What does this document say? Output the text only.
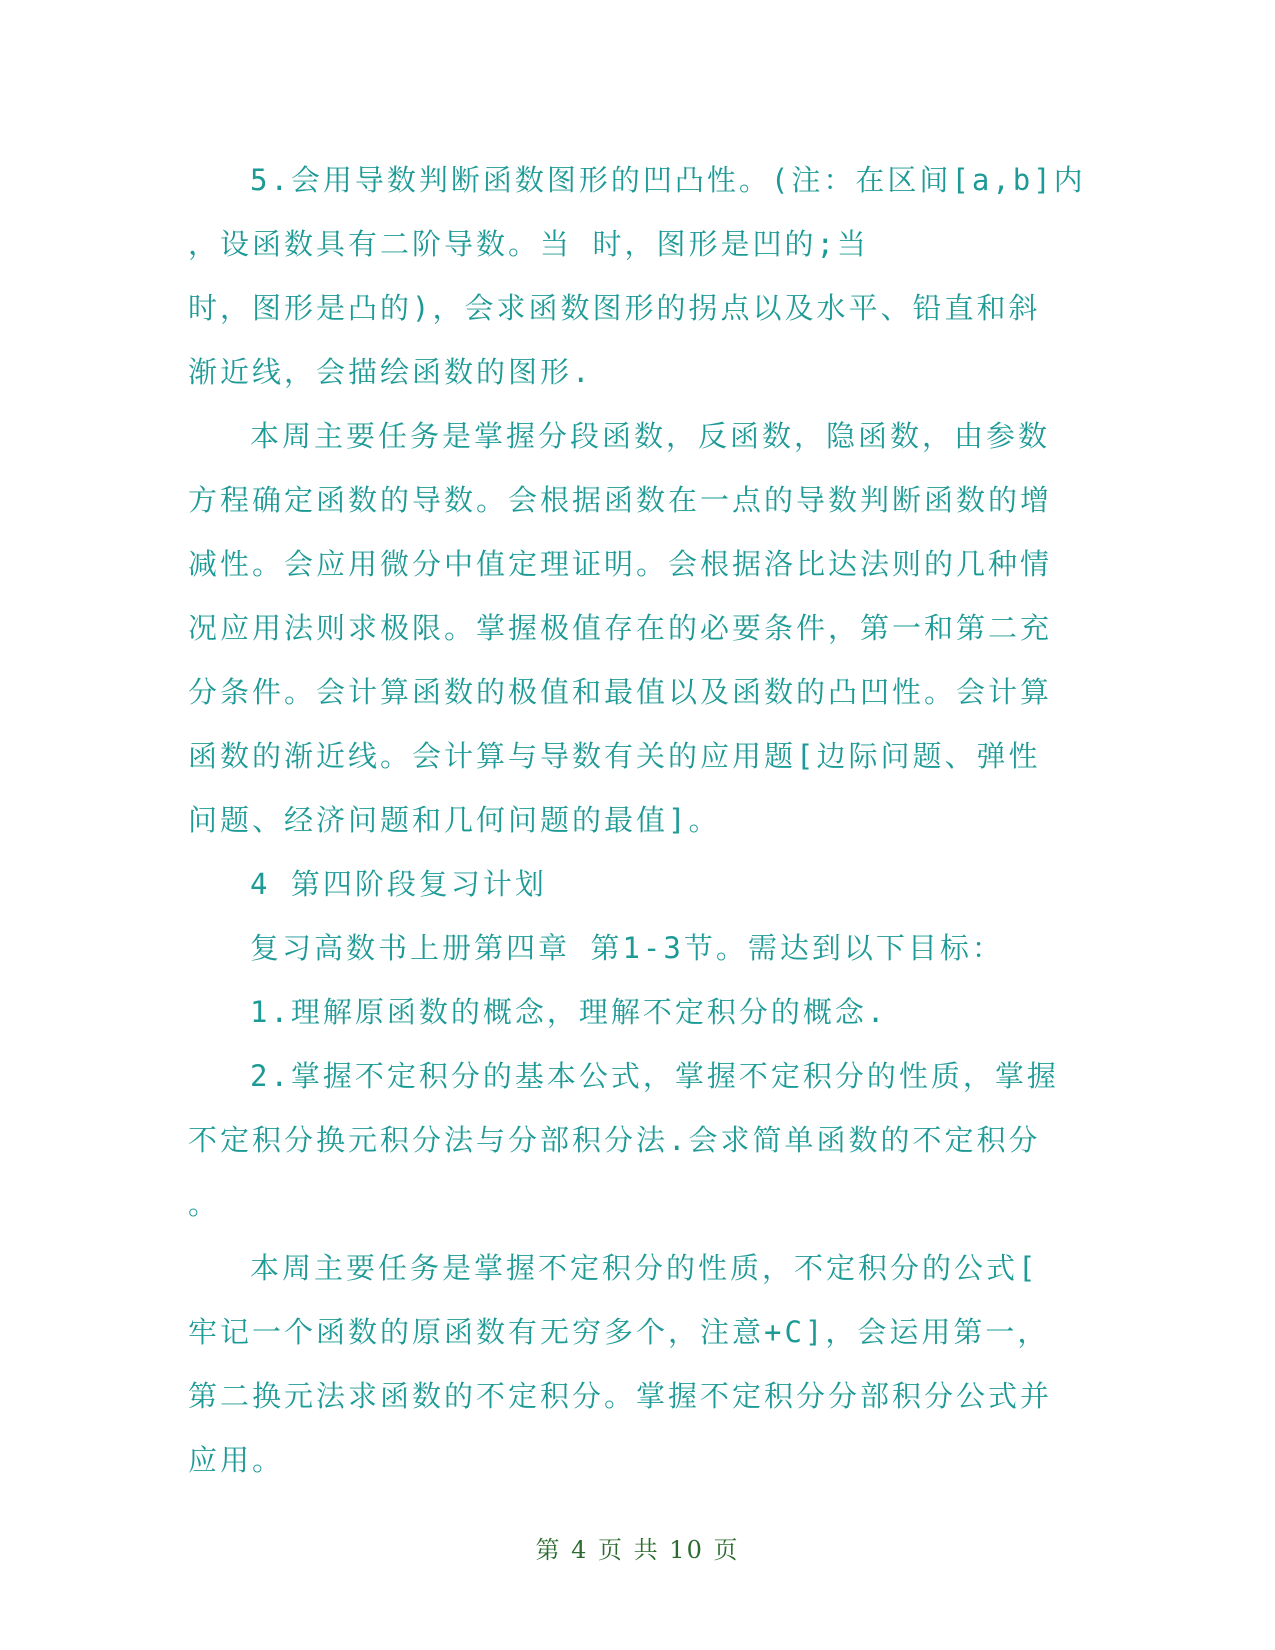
5.会用导数判断函数图形的凹凸性。(注：在区间[a,b]内
，设函数具有二阶导数。当 时，图形是凹的;当
时，图形是凸的)，会求函数图形的拐点以及水平、铅直和斜
渐近线，会描绘函数的图形.
本周主要任务是掌握分段函数，反函数，隐函数，由参数
方程确定函数的导数。会根据函数在一点的导数判断函数的增
减性。会应用微分中值定理证明。会根据洛比达法则的几种情
况应用法则求极限。掌握极值存在的必要条件，第一和第二充
分条件。会计算函数的极值和最值以及函数的凸凹性。会计算
函数的渐近线。会计算与导数有关的应用题[边际问题、弹性
问题、经济问题和几何问题的最值]。
4 第四阶段复习计划
复习高数书上册第四章 第1-3节。需达到以下目标：
1.理解原函数的概念，理解不定积分的概念.
2.掌握不定积分的基本公式，掌握不定积分的性质，掌握
不定积分换元积分法与分部积分法.会求简单函数的不定积分
。
本周主要任务是掌握不定积分的性质，不定积分的公式[
牢记一个函数的原函数有无穷多个，注意+C]，会运用第一，
第二换元法求函数的不定积分。掌握不定积分分部积分公式并
应用。
第 4 页 共 10 页
